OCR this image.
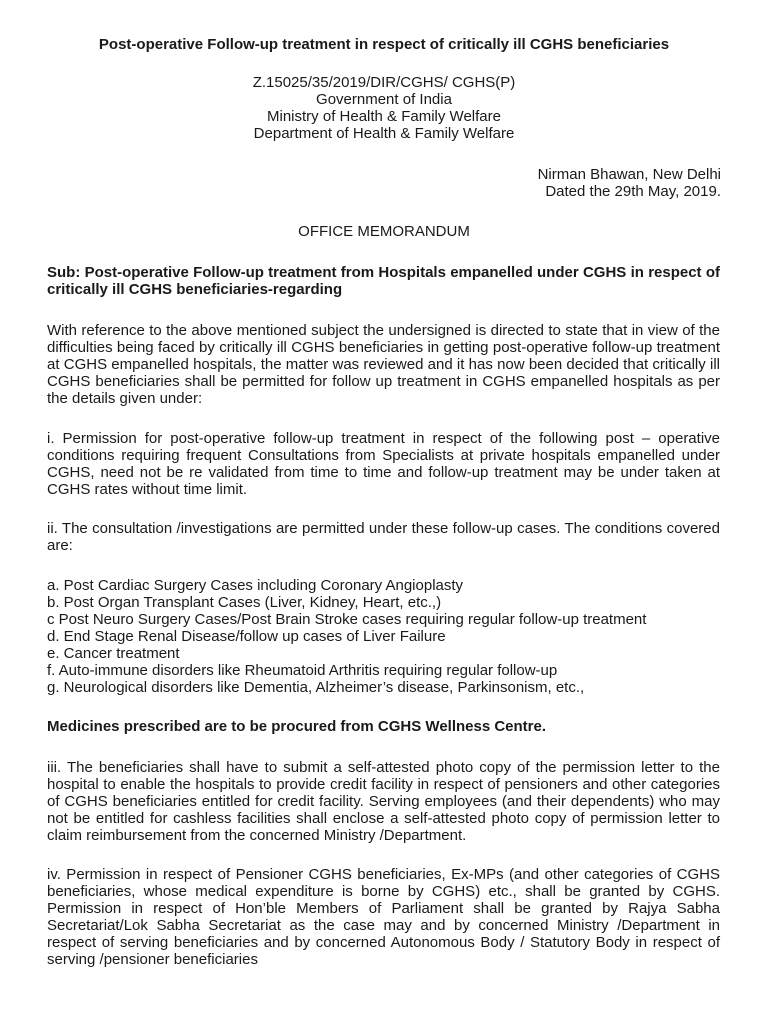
Post-operative Follow-up treatment in respect of critically ill CGHS beneficiaries
Z.15025/35/2019/DIR/CGHS/ CGHS(P)
Government of India
Ministry of Health & Family Welfare
Department of Health & Family Welfare
Nirman Bhawan, New Delhi
Dated the 29th May, 2019.
OFFICE MEMORANDUM
Sub: Post-operative Follow-up treatment from Hospitals empanelled under CGHS in respect of critically ill CGHS beneficiaries-regarding
With reference to the above mentioned subject the undersigned is directed to state that in view of the difficulties being faced by critically ill CGHS beneficiaries in getting post-operative follow-up treatment at CGHS empanelled hospitals, the matter was reviewed and it has now been decided that critically ill CGHS beneficiaries shall be permitted for follow up treatment in CGHS empanelled hospitals as per the details given under:
i. Permission for post-operative follow-up treatment in respect of the following post – operative conditions requiring frequent Consultations from Specialists at private hospitals empanelled under CGHS, need not be re validated from time to time and follow-up treatment may be under taken at CGHS rates without time limit.
ii. The consultation /investigations are permitted under these follow-up cases. The conditions covered are:
a. Post Cardiac Surgery Cases including Coronary Angioplasty
b. Post Organ Transplant Cases (Liver, Kidney, Heart, etc.,)
c Post Neuro Surgery Cases/Post Brain Stroke cases requiring regular follow-up treatment
d. End Stage Renal Disease/follow up cases of Liver Failure
e. Cancer treatment
f. Auto-immune disorders like Rheumatoid Arthritis requiring regular follow-up
g. Neurological disorders like Dementia, Alzheimer’s disease, Parkinsonism, etc.,
Medicines prescribed are to be procured from CGHS Wellness Centre.
iii. The beneficiaries shall have to submit a self-attested photo copy of the permission letter to the hospital to enable the hospitals to provide credit facility in respect of pensioners and other categories of CGHS beneficiaries entitled for credit facility. Serving employees (and their dependents) who may not be entitled for cashless facilities shall enclose a self-attested photo copy of permission letter to claim reimbursement from the concerned Ministry /Department.
iv. Permission in respect of Pensioner CGHS beneficiaries, Ex-MPs (and other categories of CGHS beneficiaries, whose medical expenditure is borne by CGHS) etc., shall be granted by CGHS. Permission in respect of Hon’ble Members of Parliament shall be granted by Rajya Sabha Secretariat/Lok Sabha Secretariat as the case may and by concerned Ministry /Department in respect of serving beneficiaries and by concerned Autonomous Body / Statutory Body in respect of serving /pensioner beneficiaries
